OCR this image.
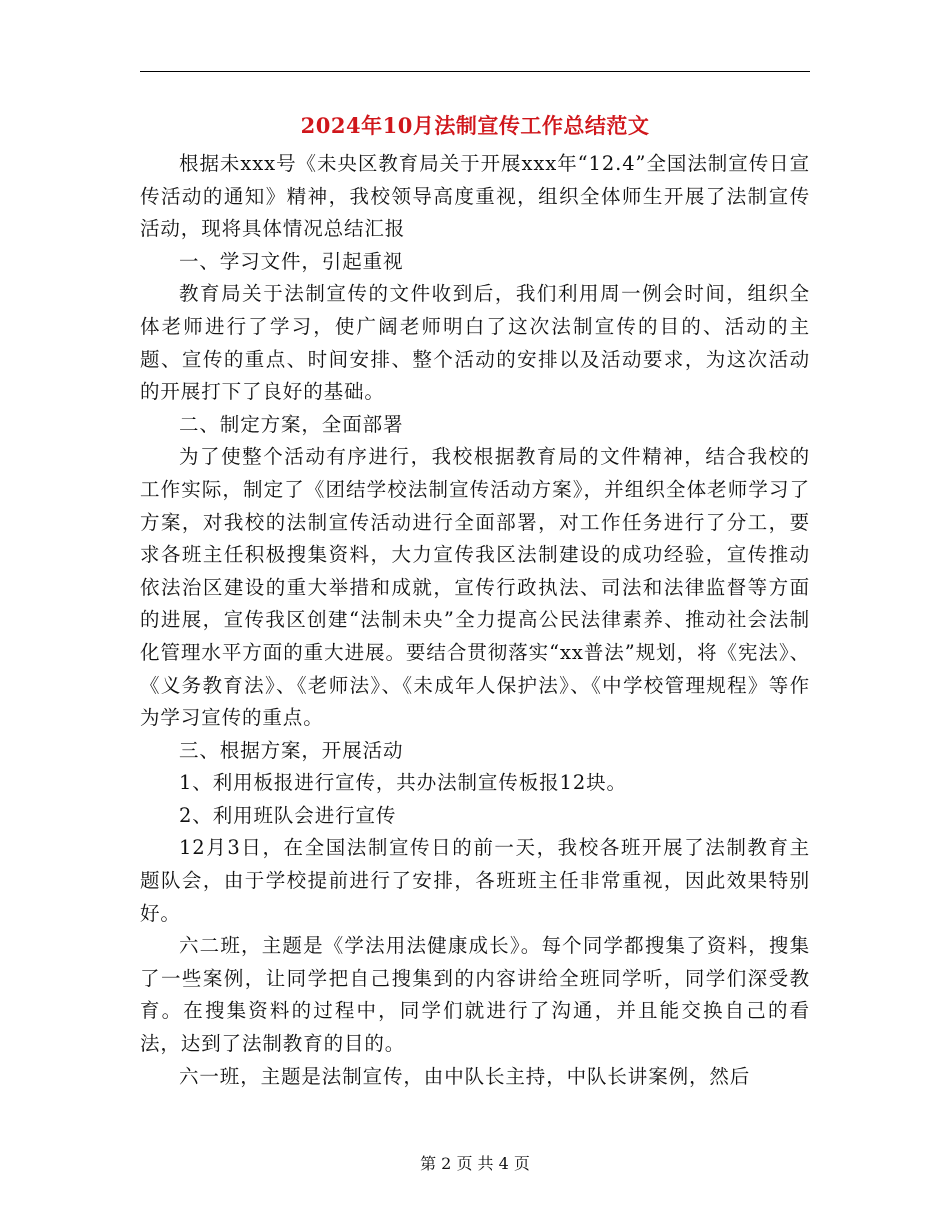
2024年10月法制宣传工作总结范文

根据未xxx号《未央区教育局关于开展xxx年“12.4”全国法制宣传日宣传活动的通知》精神，我校领导高度重视，组织全体师生开展了法制宣传活动，现将具体情况总结汇报

一、学习文件，引起重视

教育局关于法制宣传的文件收到后，我们利用周一例会时间，组织全体老师进行了学习，使广阔老师明白了这次法制宣传的目的、活动的主题、宣传的重点、时间安排、整个活动的安排以及活动要求，为这次活动的开展打下了良好的基础。

二、制定方案，全面部署

为了使整个活动有序进行，我校根据教育局的文件精神，结合我校的工作实际，制定了《团结学校法制宣传活动方案》，并组织全体老师学习了方案，对我校的法制宣传活动进行全面部署，对工作任务进行了分工，要求各班主任积极搜集资料，大力宣传我区法制建设的成功经验，宣传推动依法治区建设的重大举措和成就，宣传行政执法、司法和法律监督等方面的进展，宣传我区创建“法制未央”全力提高公民法律素养、推动社会法制化管理水平方面的重大进展。要结合贯彻落实“xx普法”规划，将《宪法》、《义务教育法》、《老师法》、《未成年人保护法》、《中学校管理规程》等作为学习宣传的重点。

三、根据方案，开展活动

1、利用板报进行宣传，共办法制宣传板报12块。

2、利用班队会进行宣传

12月3日，在全国法制宣传日的前一天，我校各班开展了法制教育主题队会，由于学校提前进行了安排，各班班主任非常重视，因此效果特别好。

六二班，主题是《学法用法健康成长》。每个同学都搜集了资料，搜集了一些案例，让同学把自己搜集到的内容讲给全班同学听，同学们深受教育。在搜集资料的过程中，同学们就进行了沟通，并且能交换自己的看法，达到了法制教育的目的。

六一班，主题是法制宣传，由中队长主持，中队长讲案例，然后

第 2 页 共 4 页
